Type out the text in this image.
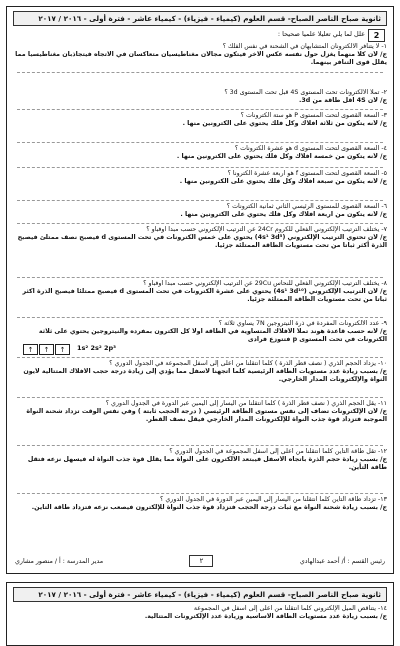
ثانوية صباح الناصر الصباح- قسم العلوم (كيمياء - فيزياء) - كيمياء عاشر - فترة أولى - ٢٠١٦ / ٢٠١٧
2
علل لما يلي تعليلا علميا صحيحا :
١- لا يتنافر الالكترونان المتشابهان في الشحنة في نفس الفلك ؟
ج/ لأن كلا منهما يغزل حول نفسه عكس الآخر فيتكون مجالان مغناطيسيان متعاكسان في الاتجاه فيتجاذبان مغناطيسيا مما يقلل قوى التنافر بينهما.
٢- تملأ الالكترونات تحت المستوى 4S قبل تحت المستوى 3d ؟
ج/ لأن 4S أقل طاقة من 3d.
٣- السعة القصوى لتحت المستوى P هو ستة الكترونات ؟
ج/ لأنه يتكون من ثلاثة أفلاك وكل فلك يحتوي على الكترونين منها .
٤- السعة القصوى لتحت المستوى d هو عشرة الكترونات ؟
ج/ لأنه يتكون من خمسة أفلاك وكل فلك يحتوي على الكترونين منها .
٥- السعة القصوى لتحت المستوى f هو أربعة عشرة الكترونا ؟
ج/ لأنه يتكون من سبعة أفلاك وكل فلك يحتوي على الكترونين منها .
٦- السعة القصوى للمستوى الرئيسي الثاني ثمانية الكترونات ؟
ج/ لأنه يتكون من أربعة أفلاك وكل فلك يحتوي على الكترونين منها .
٧- يختلف الترتيب الإلكتروني الفعلي للكروم 24Cr عن الترتيب الإلكتروني حسب مبدأ أوفباو ؟
ج/ لأن تحتوي الترتيب الإلكتروني (4s¹ 3d⁵) يحتوي على خمس الكترونات في تحت المستوى d فيصبح نصف ممتلئ فيصبح الذرة أكثر ثباتا من تحت مستويات الطاقة الممتلئة جزئيا.
٨- يختلف الترتيب الإلكتروني الفعلي للنحاس 29Cu عن الترتيب الإلكتروني حسب مبدأ أوفباو ؟
ج/ لأن الترتيب الإلكتروني (4s¹ 3d¹⁰) يحتوي على عشرة الكترونات في تحت المستوى d فيصبح ممتلئا فيصبح الذرة أكثر ثباتا من تحت مستويات الطاقة الممتلئة جزئيا.
٩- عدد الالكترونات المفردة في ذرة النيتروجين 7N يساوي ثلاثة ؟
ج/ لأنه حسب قاعدة هوند تملأ الأفلاك المتساوية في الطاقة أولا كل الكترون بمفرده والنيتروجين يحتوي على ثلاثة الكترونات في تحت المستوى p فتتوزع فرادى
↑	↑	↑	1s² 2s² 2p³
١٠- يزداد الحجم الذري ( نصف قطر الذرة ) كلما انتقلنا من أعلى إلى أسفل المجموعة في الجدول الدوري ؟
ج/ بسبب زيادة عدد مستويات الطاقة الرئيسية كلما اتجهنا لأسفل مما يؤدي إلى زيادة درجة حجب الأفلاك المتتالية لأيون النواة والإلكترونات المدار الخارجي.
١١- يقل الحجم الذري ( نصف قطر الذرة ) كلما انتقلنا من اليسار إلى اليمين عبر الدورة في الجدول الدوري ؟
ج/ لأن الإلكترونات تضاف إلى نفس مستوى الطاقة الرئيسي ( درجة الحجب ثابتة ) وفي نفس الوقت تزداد شحنة النواة الموجبة فتزداد قوة جذب النواة للإلكترونات المدار الخارجي فيقل نصف القطر.
١٢- تقل طاقة التأين كلما انتقلنا من أعلى إلى أسفل المجموعة في الجدول الدوري ؟
ج/ بسبب زيادة حجم الذرة باتجاه الأسفل فيبتعد الالكترون على النواة مما يقلل قوة جذب النواة له فيسهل نزعه فتقل طاقة التأين.
١٣- تزداد طاقة التأين كلما انتقلنا من اليسار إلى اليمين عبر الدورة في الجدول الدوري ؟
ج/ بسبب زيادة شحنة النواة مع ثبات درجة الحجب فتزداد قوة جذب النواة للإلكترون فيصعب نزعه فتزداد طاقة التأين.
رئيس القسم : أ/ أحمد عبدالهادي
٢
مدير المدرسة : أ / منصور مشاري
ثانوية صباح الناصر الصباح- قسم العلوم (كيمياء - فيزياء) - كيمياء عاشر - فترة أولى - ٢٠١٦ / ٢٠١٧
١٤- يتناقص الميل الإلكتروني كلما انتقلنا من أعلى إلى أسفل في المجموعة
ج/ بسبب زيادة عدد مستويات الطاقة الأساسية وزيادة عدد الإلكترونات المتتالية.
